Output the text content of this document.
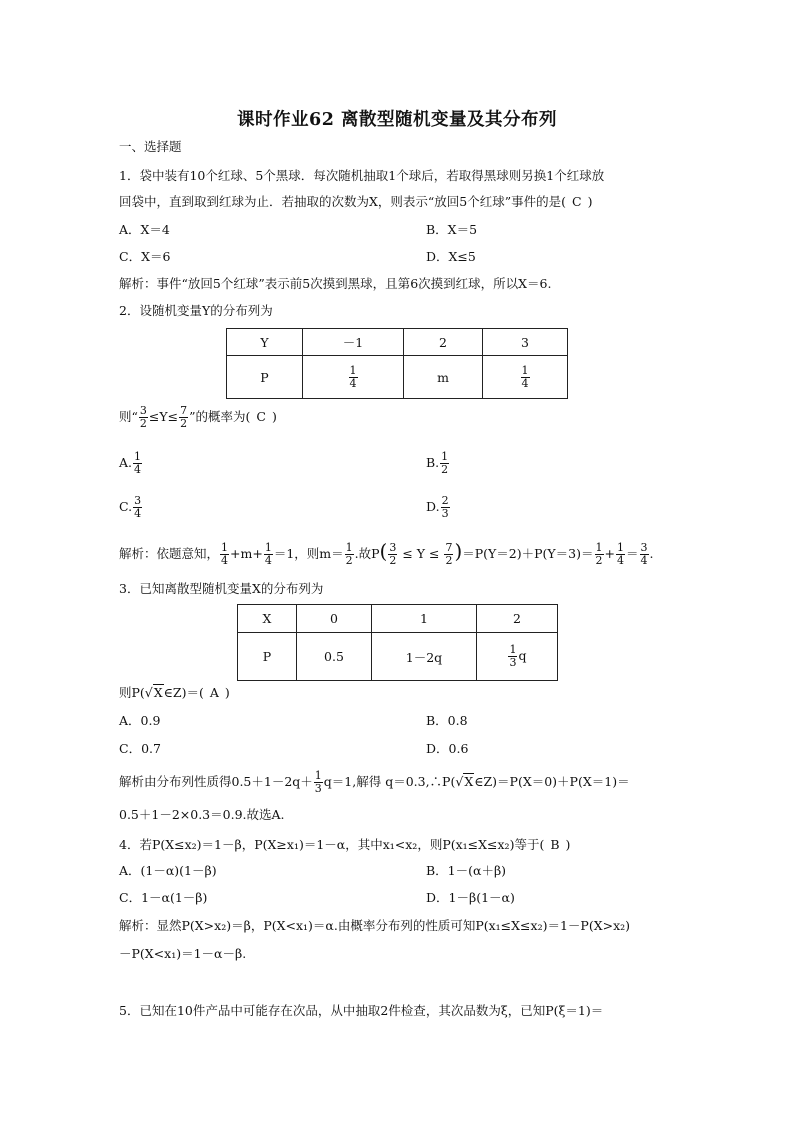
课时作业62 离散型随机变量及其分布列
一、选择题
1．袋中装有10个红球、5个黑球．每次随机抽取1个球后，若取得黑球则另换1个红球放
回袋中，直到取到红球为止．若抽取的次数为X，则表示“放回5个红球”事件的是( C )
A．X＝4	B．X＝5
C．X＝6	D．X≤5
解析：事件“放回5个红球”表示前5次摸到黑球，且第6次摸到红球，所以X＝6.
2．设随机变量Y的分布列为
Y	－1	2	3
P	$\frac{1}{4}$	m	$\frac{1}{4}$
则“ $\frac{3}{2} \le Y\le \frac{7}{2}$ ”的概率为( C )
A. $\frac{1}{4}$	B. $\frac{1}{2}$
C. $\frac{3}{4}$	D. $\frac{2}{3}$
解析：依题意知， $\frac{1}{4} +m+ \frac{1}{4} =1$，则$m= \frac{1}{2}$ .故$P( \frac{3}{2} \le Y \le \frac{7}{2} )=P(Y=2)+P(Y=3)= \frac{1}{2} + \frac{1}{4} = \frac{3}{4}$ .
3．已知离散型随机变量X的分布列为
X	0	1	2
P	0.5	1－2q	$\frac{1}{3}$ q
则P(√X∈Z)＝( A )
A．0.9	B．0.8
C．0.7	D．0.6
解析由分布列性质得$0.5+1-2q+ \frac{1}{3} q=1$,解得 q＝0.3,∴P(√X∈Z)＝P(X＝0)＋P(X＝1)＝
0.5＋1－2×0.3＝0.9.故选A.
4．若P(X≤x₂)＝1－β，P(X≥x₁)＝1－α，其中x₁<x₂，则P(x₁≤X≤x₂)等于( B )
A．(1－α)(1－β)	B．1－(α＋β)
C．1－α(1－β)	D．1－β(1－α)
解析：显然P(X>x₂)＝β，P(X<x₁)＝α.由概率分布列的性质可知P(x₁≤X≤x₂)＝1－P(X>x₂)
－P(X<x₁)＝1－α－β.
5．已知在10件产品中可能存在次品，从中抽取2件检查，其次品数为ξ，已知P(ξ＝1)＝
